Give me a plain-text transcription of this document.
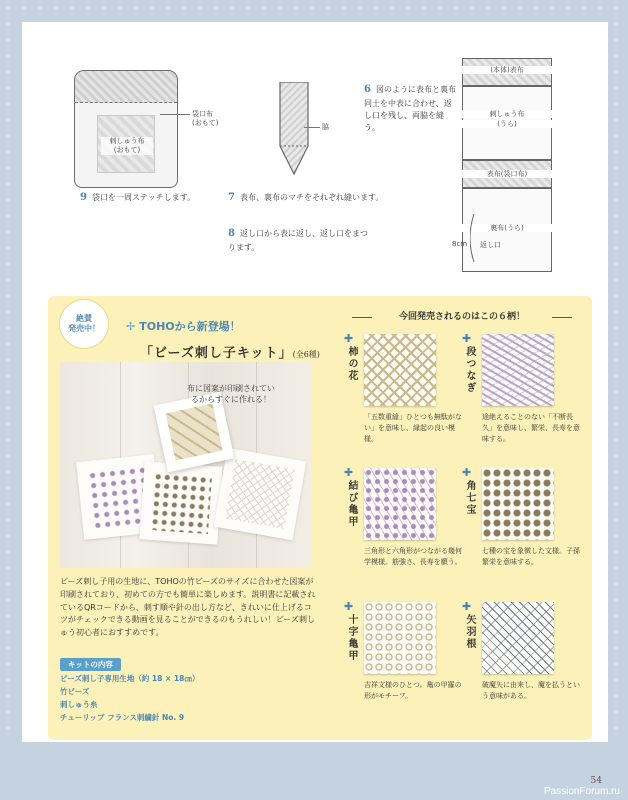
刺しゅう布
(おもて)
袋口布
(おもて)
9 袋口を一周ステッチします。
脇
7 表布、裏布のマチをそれぞれ縫います。
8 返し口から表に返し、返し口をまつります。
6 図のように表布と裏布同士を中表に合わせ、返し口を残し、両脇を縫う。
(本体)表布
刺しゅう布
(うら)
表布(袋口布)
裏布(うら)
8cm 返し口
絶賛
発売中！ ✢ TOHOから新登場！
「ビーズ刺し子キット」(全6種)
布に図案が印刷されているからすぐに作れる！
ビーズ刺し子用の生地に、TOHOの竹ビーズのサイズに合わせた図案が印刷されており、初めての方でも簡単に楽しめます。説明書に記載されているQRコードから、刺す順や針の出し方など、きれいに仕上げるコツがチェックできる動画を見ることができるのもうれしい！ビーズ刺しゅう初心者におすすめです。
キットの内容
ビーズ刺し子専用生地（約 18 × 18㎝）
竹ビーズ
刺しゅう糸
チューリップ フランス刺繍針 No. 9
今回発売されるのはこの６柄！
✚
柿の花
「五数重縫」ひとつも無駄がない」を意味し、縁起の良い模様。
✚
段つなぎ
途絶えることのない「不断長久」を意味し、繁栄、長寿を意味する。
✚
結び亀甲
三角形と六角形がつながる幾何学模様。筋強さ、長寿を願う。
✚
角七宝
七種の宝を象徴した文様。子孫繁栄を意味する。
✚
十字亀甲
吉祥文様のひとつ。亀の甲羅の形がモチーフ。
✚
矢羽根
破魔矢に由来し、魔を払うという意味がある。
54
PassionForum.ru
